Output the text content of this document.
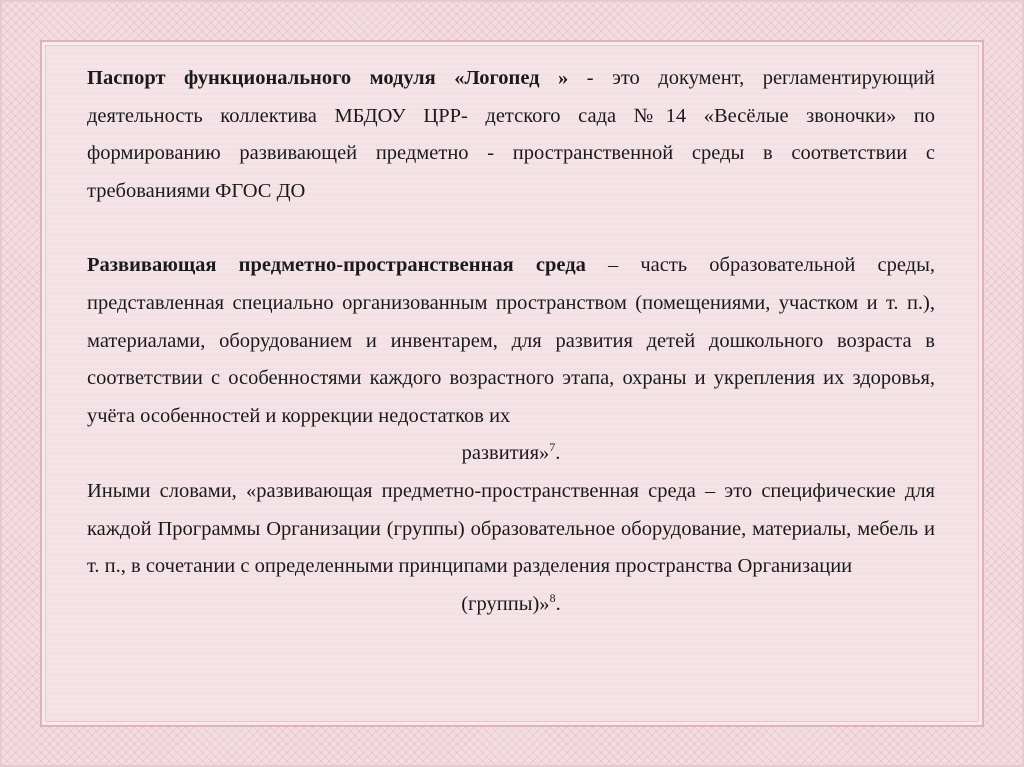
Паспорт функционального модуля «Логопед » - это документ, регламентирующий деятельность коллектива МБДОУ ЦРР- детского сада №14 «Весёлые звоночки» по формированию развивающей предметно - пространственной среды в соответствии с требованиями ФГОС ДО

Развивающая предметно-пространственная среда – часть образовательной среды, представленная специально организованным пространством (помещениями, участком и т. п.), материалами, оборудованием и инвентарем, для развития детей дошкольного возраста в соответствии с особенностями каждого возрастного этапа, охраны и укрепления их здоровья, учёта особенностей и коррекции недостатков их

развития»$^7$.

Иными словами, «развивающая предметно-пространственная среда – это специфические для каждой Программы Организации (группы) образовательное оборудование, материалы, мебель и т. п., в сочетании с определенными принципами разделения пространства Организации

(группы)»$^8$.
